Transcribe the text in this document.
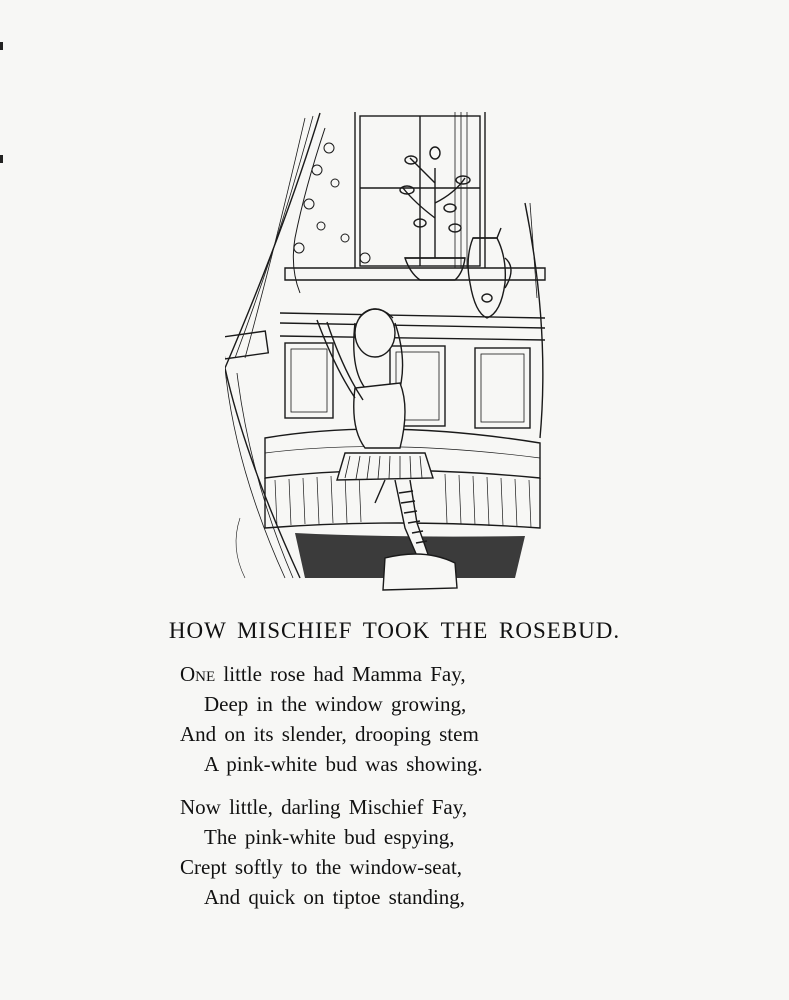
HOW MISCHIEF TOOK THE ROSEBUD.
One little rose had Mamma Fay,
Deep in the window growing,
And on its slender, drooping stem
A pink-white bud was showing.
Now little, darling Mischief Fay,
The pink-white bud espying,
Crept softly to the window-seat,
And quick on tiptoe standing,
